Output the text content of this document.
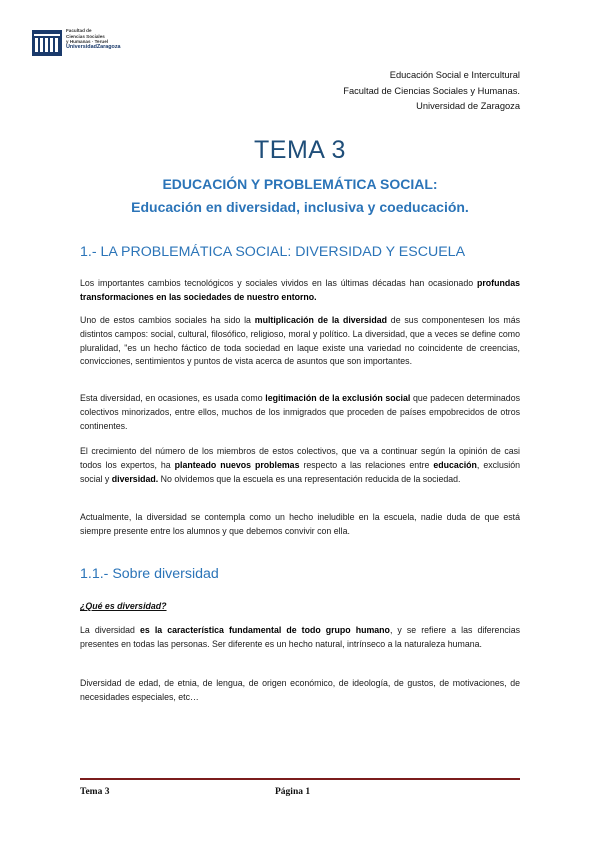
Facultad de
Ciencias Sociales
y Humanas · Teruel
UniversidadZaragoza
Educación Social e Intercultural
Facultad de Ciencias Sociales y Humanas.
Universidad de Zaragoza
TEMA 3
EDUCACIÓN Y PROBLEMÁTICA SOCIAL:
Educación en diversidad, inclusiva y coeducación.
1.- LA PROBLEMÁTICA SOCIAL: DIVERSIDAD Y ESCUELA
Los importantes cambios tecnológicos y sociales vividos en las últimas décadas han ocasionado profundas transformaciones en las sociedades de nuestro entorno.
Uno de estos cambios sociales ha sido la multiplicación de la diversidad de sus componentesen los más distintos campos: social, cultural, filosófico, religioso, moral y político. La diversidad, que a veces se define como pluralidad, "es un hecho fáctico de toda sociedad en laque existe una variedad no coincidente de creencias, convicciones, sentimientos y puntos de vista acerca de asuntos que son importantes.
Esta diversidad, en ocasiones, es usada como legitimación de la exclusión social que padecen determinados colectivos minorizados, entre ellos, muchos de los inmigrados que proceden de países empobrecidos de otros continentes.
El crecimiento del número de los miembros de estos colectivos, que va a continuar según la opinión de casi todos los expertos, ha planteado nuevos problemas respecto a las relaciones entre educación, exclusión social y diversidad. No olvidemos que la escuela es una representación reducida de la sociedad.
Actualmente, la diversidad se contempla como un hecho ineludible en la escuela, nadie duda de que está siempre presente entre los alumnos y que debemos convivir con ella.
1.1.- Sobre diversidad
¿Qué es diversidad?
La diversidad es la característica fundamental de todo grupo humano, y se refiere a las diferencias presentes en todas las personas. Ser diferente es un hecho natural, intrínseco a la naturaleza humana.
Diversidad de edad, de etnia, de lengua, de origen económico, de ideología, de gustos, de motivaciones, de necesidades especiales, etc…
Tema 3	Página 1
